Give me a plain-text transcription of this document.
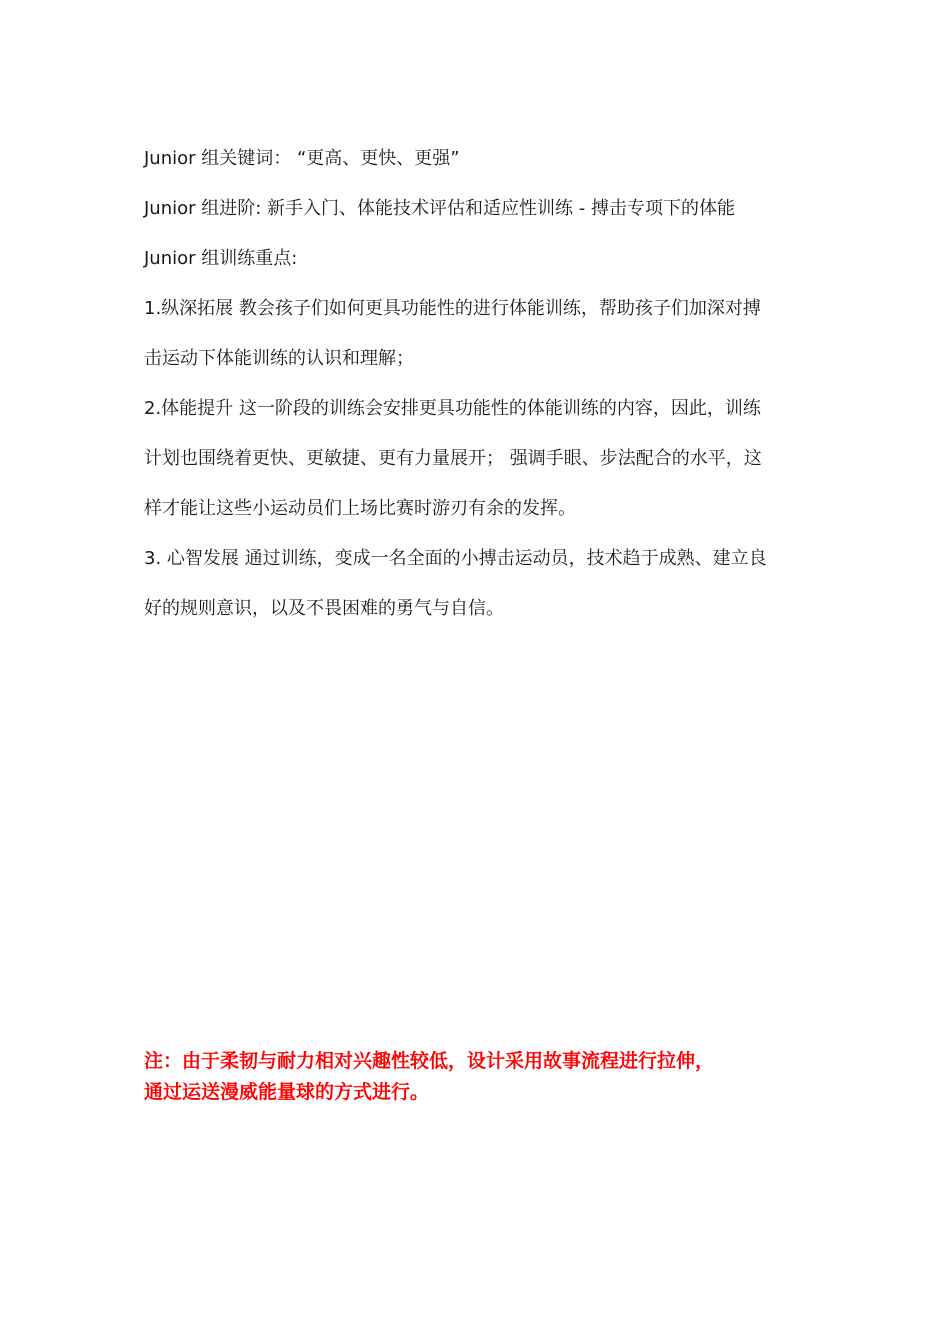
Junior 组关键词： “更高、更快、更强”
Junior 组进阶: 新手入门、体能技术评估和适应性训练 - 搏击专项下的体能
Junior 组训练重点:
1.纵深拓展 教会孩子们如何更具功能性的进行体能训练，帮助孩子们加深对搏
击运动下体能训练的认识和理解；
2.体能提升 这一阶段的训练会安排更具功能性的体能训练的内容，因此，训练
计划也围绕着更快、更敏捷、更有力量展开； 强调手眼、步法配合的水平，这
样才能让这些小运动员们上场比赛时游刃有余的发挥。
3. 心智发展 通过训练，变成一名全面的小搏击运动员，技术趋于成熟、建立良
好的规则意识，以及不畏困难的勇气与自信。
注：由于柔韧与耐力相对兴趣性较低，设计采用故事流程进行拉伸，
通过运送漫威能量球的方式进行。
